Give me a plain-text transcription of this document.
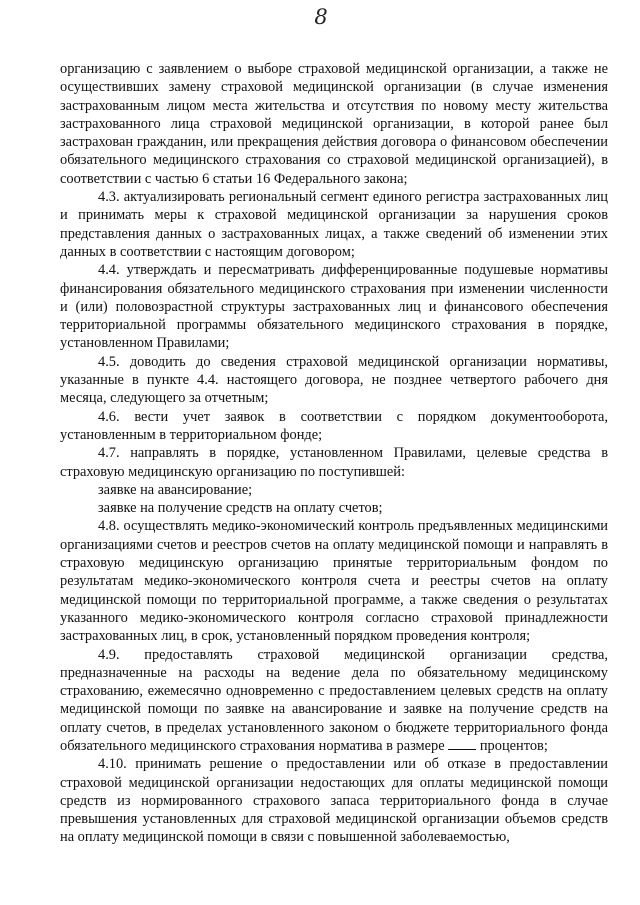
8

организацию с заявлением о выборе страховой медицинской организации, а также не осуществивших замену страховой медицинской организации (в случае изменения застрахованным лицом места жительства и отсутствия по новому месту жительства застрахованного лица страховой медицинской организации, в которой ранее был застрахован гражданин, или прекращения действия договора о финансовом обеспечении обязательного медицинского страхования со страховой медицинской организацией), в соответствии с частью 6 статьи 16 Федерального закона;

4.3. актуализировать региональный сегмент единого регистра застрахованных лиц и принимать меры к страховой медицинской организации за нарушения сроков представления данных о застрахованных лицах, а также сведений об изменении этих данных в соответствии с настоящим договором;

4.4. утверждать и пересматривать дифференцированные подушевые нормативы финансирования обязательного медицинского страхования при изменении численности и (или) половозрастной структуры застрахованных лиц и финансового обеспечения территориальной программы обязательного медицинского страхования в порядке, установленном Правилами;

4.5. доводить до сведения страховой медицинской организации нормативы, указанные в пункте 4.4. настоящего договора, не позднее четвертого рабочего дня месяца, следующего за отчетным;

4.6. вести учет заявок в соответствии с порядком документооборота, установленным в территориальном фонде;

4.7. направлять в порядке, установленном Правилами, целевые средства в страховую медицинскую организацию по поступившей:

заявке на авансирование;

заявке на получение средств на оплату счетов;

4.8. осуществлять медико-экономический контроль предъявленных медицинскими организациями счетов и реестров счетов на оплату медицинской помощи и направлять в страховую медицинскую организацию принятые территориальным фондом по результатам медико-экономического контроля счета и реестры счетов на оплату медицинской помощи по территориальной программе, а также сведения о результатах указанного медико-экономического контроля согласно страховой принадлежности застрахованных лиц, в срок, установленный порядком проведения контроля;

4.9. предоставлять страховой медицинской организации средства, предназначенные на расходы на ведение дела по обязательному медицинскому страхованию, ежемесячно одновременно с предоставлением целевых средств на оплату медицинской помощи по заявке на авансирование и заявке на получение средств на оплату счетов, в пределах установленного законом о бюджете территориального фонда обязательного медицинского страхования норматива в размере процентов;

4.10. принимать решение о предоставлении или об отказе в предоставлении страховой медицинской организации недостающих для оплаты медицинской помощи средств из нормированного страхового запаса территориального фонда в случае превышения установленных для страховой медицинской организации объемов средств на оплату медицинской помощи в связи с повышенной заболеваемостью,
